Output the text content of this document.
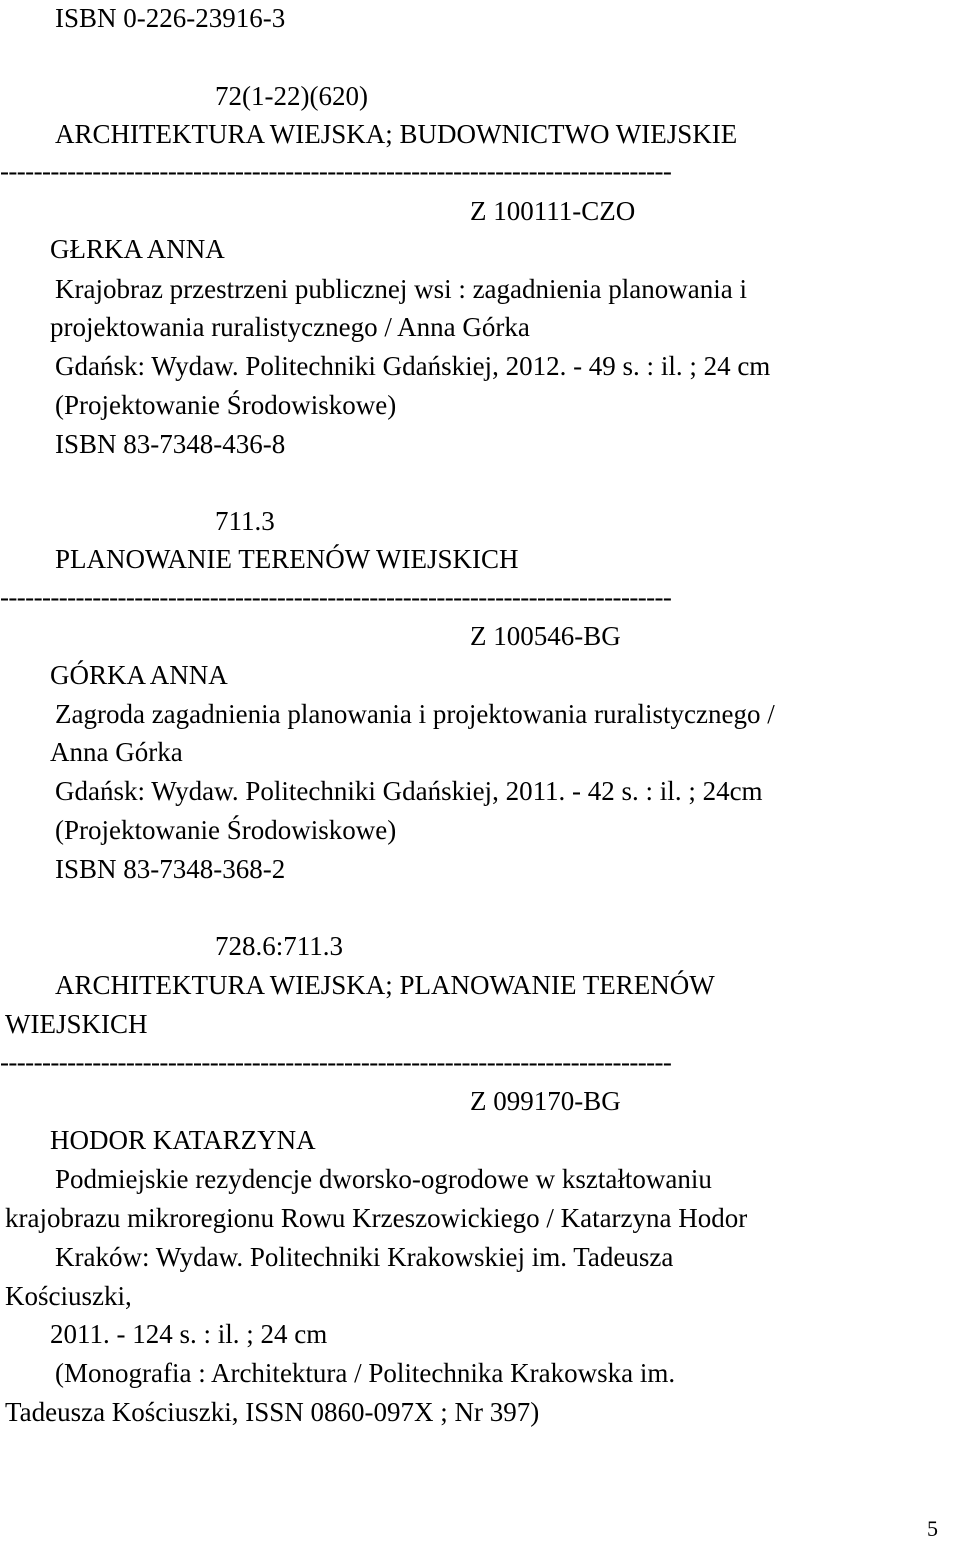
ISBN 0-226-23916-3
72(1-22)(620)
ARCHITEKTURA WIEJSKA; BUDOWNICTWO WIEJSKIE
--------------------------------------------------------------------------------
Z 100111-CZO
GŁRKA ANNA
Krajobraz przestrzeni publicznej wsi : zagadnienia planowania i
projektowania ruralistycznego / Anna Górka
Gdańsk: Wydaw. Politechniki Gdańskiej, 2012. - 49 s. : il. ; 24 cm
(Projektowanie Środowiskowe)
ISBN 83-7348-436-8
711.3
PLANOWANIE TERENÓW WIEJSKICH
--------------------------------------------------------------------------------
Z 100546-BG
GÓRKA ANNA
Zagroda zagadnienia planowania i projektowania ruralistycznego /
Anna Górka
Gdańsk: Wydaw. Politechniki Gdańskiej, 2011. - 42 s. : il. ; 24cm
(Projektowanie Środowiskowe)
ISBN 83-7348-368-2
728.6:711.3
ARCHITEKTURA WIEJSKA; PLANOWANIE TERENÓW
WIEJSKICH
--------------------------------------------------------------------------------
Z 099170-BG
HODOR KATARZYNA
Podmiejskie rezydencje dworsko-ogrodowe w kształtowaniu
krajobrazu mikroregionu Rowu Krzeszowickiego / Katarzyna Hodor
Kraków: Wydaw. Politechniki Krakowskiej im. Tadeusza
Kościuszki,
2011. - 124 s. : il. ; 24 cm
(Monografia : Architektura / Politechnika Krakowska im.
Tadeusza Kościuszki, ISSN 0860-097X ; Nr 397)
5
